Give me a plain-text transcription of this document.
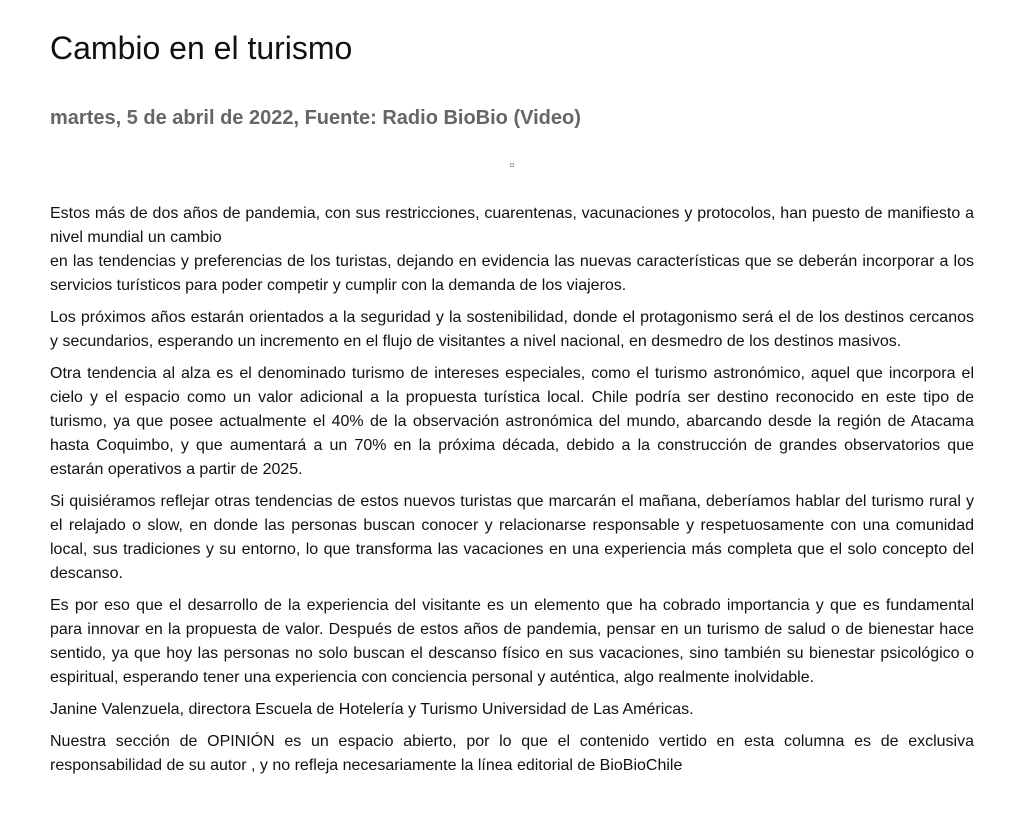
Cambio en el turismo
martes, 5 de abril de 2022, Fuente: Radio BioBio (Video)

Estos más de dos años de pandemia, con sus restricciones, cuarentenas, vacunaciones y protocolos, han puesto de manifiesto a nivel mundial un cambio
en las tendencias y preferencias de los turistas, dejando en evidencia las nuevas características que se deberán incorporar a los servicios turísticos para poder competir y cumplir con la demanda de los viajeros.

Los próximos años estarán orientados a la seguridad y la sostenibilidad, donde el protagonismo será el de los destinos cercanos y secundarios, esperando un incremento en el flujo de visitantes a nivel nacional, en desmedro de los destinos masivos.

Otra tendencia al alza es el denominado turismo de intereses especiales, como el turismo astronómico, aquel que incorpora el cielo y el espacio como un valor adicional a la propuesta turística local. Chile podría ser destino reconocido en este tipo de turismo, ya que posee actualmente el 40% de la observación astronómica del mundo, abarcando desde la región de Atacama hasta Coquimbo, y que aumentará a un 70% en la próxima década, debido a la construcción de grandes observatorios que estarán operativos a partir de 2025.

Si quisiéramos reflejar otras tendencias de estos nuevos turistas que marcarán el mañana, deberíamos hablar del turismo rural y el relajado o slow, en donde las personas buscan conocer y relacionarse responsable y respetuosamente con una comunidad local, sus tradiciones y su entorno, lo que transforma las vacaciones en una experiencia más completa que el solo concepto del descanso.

Es por eso que el desarrollo de la experiencia del visitante es un elemento que ha cobrado importancia y que es fundamental para innovar en la propuesta de valor. Después de estos años de pandemia, pensar en un turismo de salud o de bienestar hace sentido, ya que hoy las personas no solo buscan el descanso físico en sus vacaciones, sino también su bienestar psicológico o espiritual, esperando tener una experiencia con conciencia personal y auténtica, algo realmente inolvidable.

Janine Valenzuela, directora Escuela de Hotelería y Turismo Universidad de Las Américas.

Nuestra sección de OPINIÓN es un espacio abierto, por lo que el contenido vertido en esta columna es de exclusiva responsabilidad de su autor , y no refleja necesariamente la línea editorial de BioBioChile
